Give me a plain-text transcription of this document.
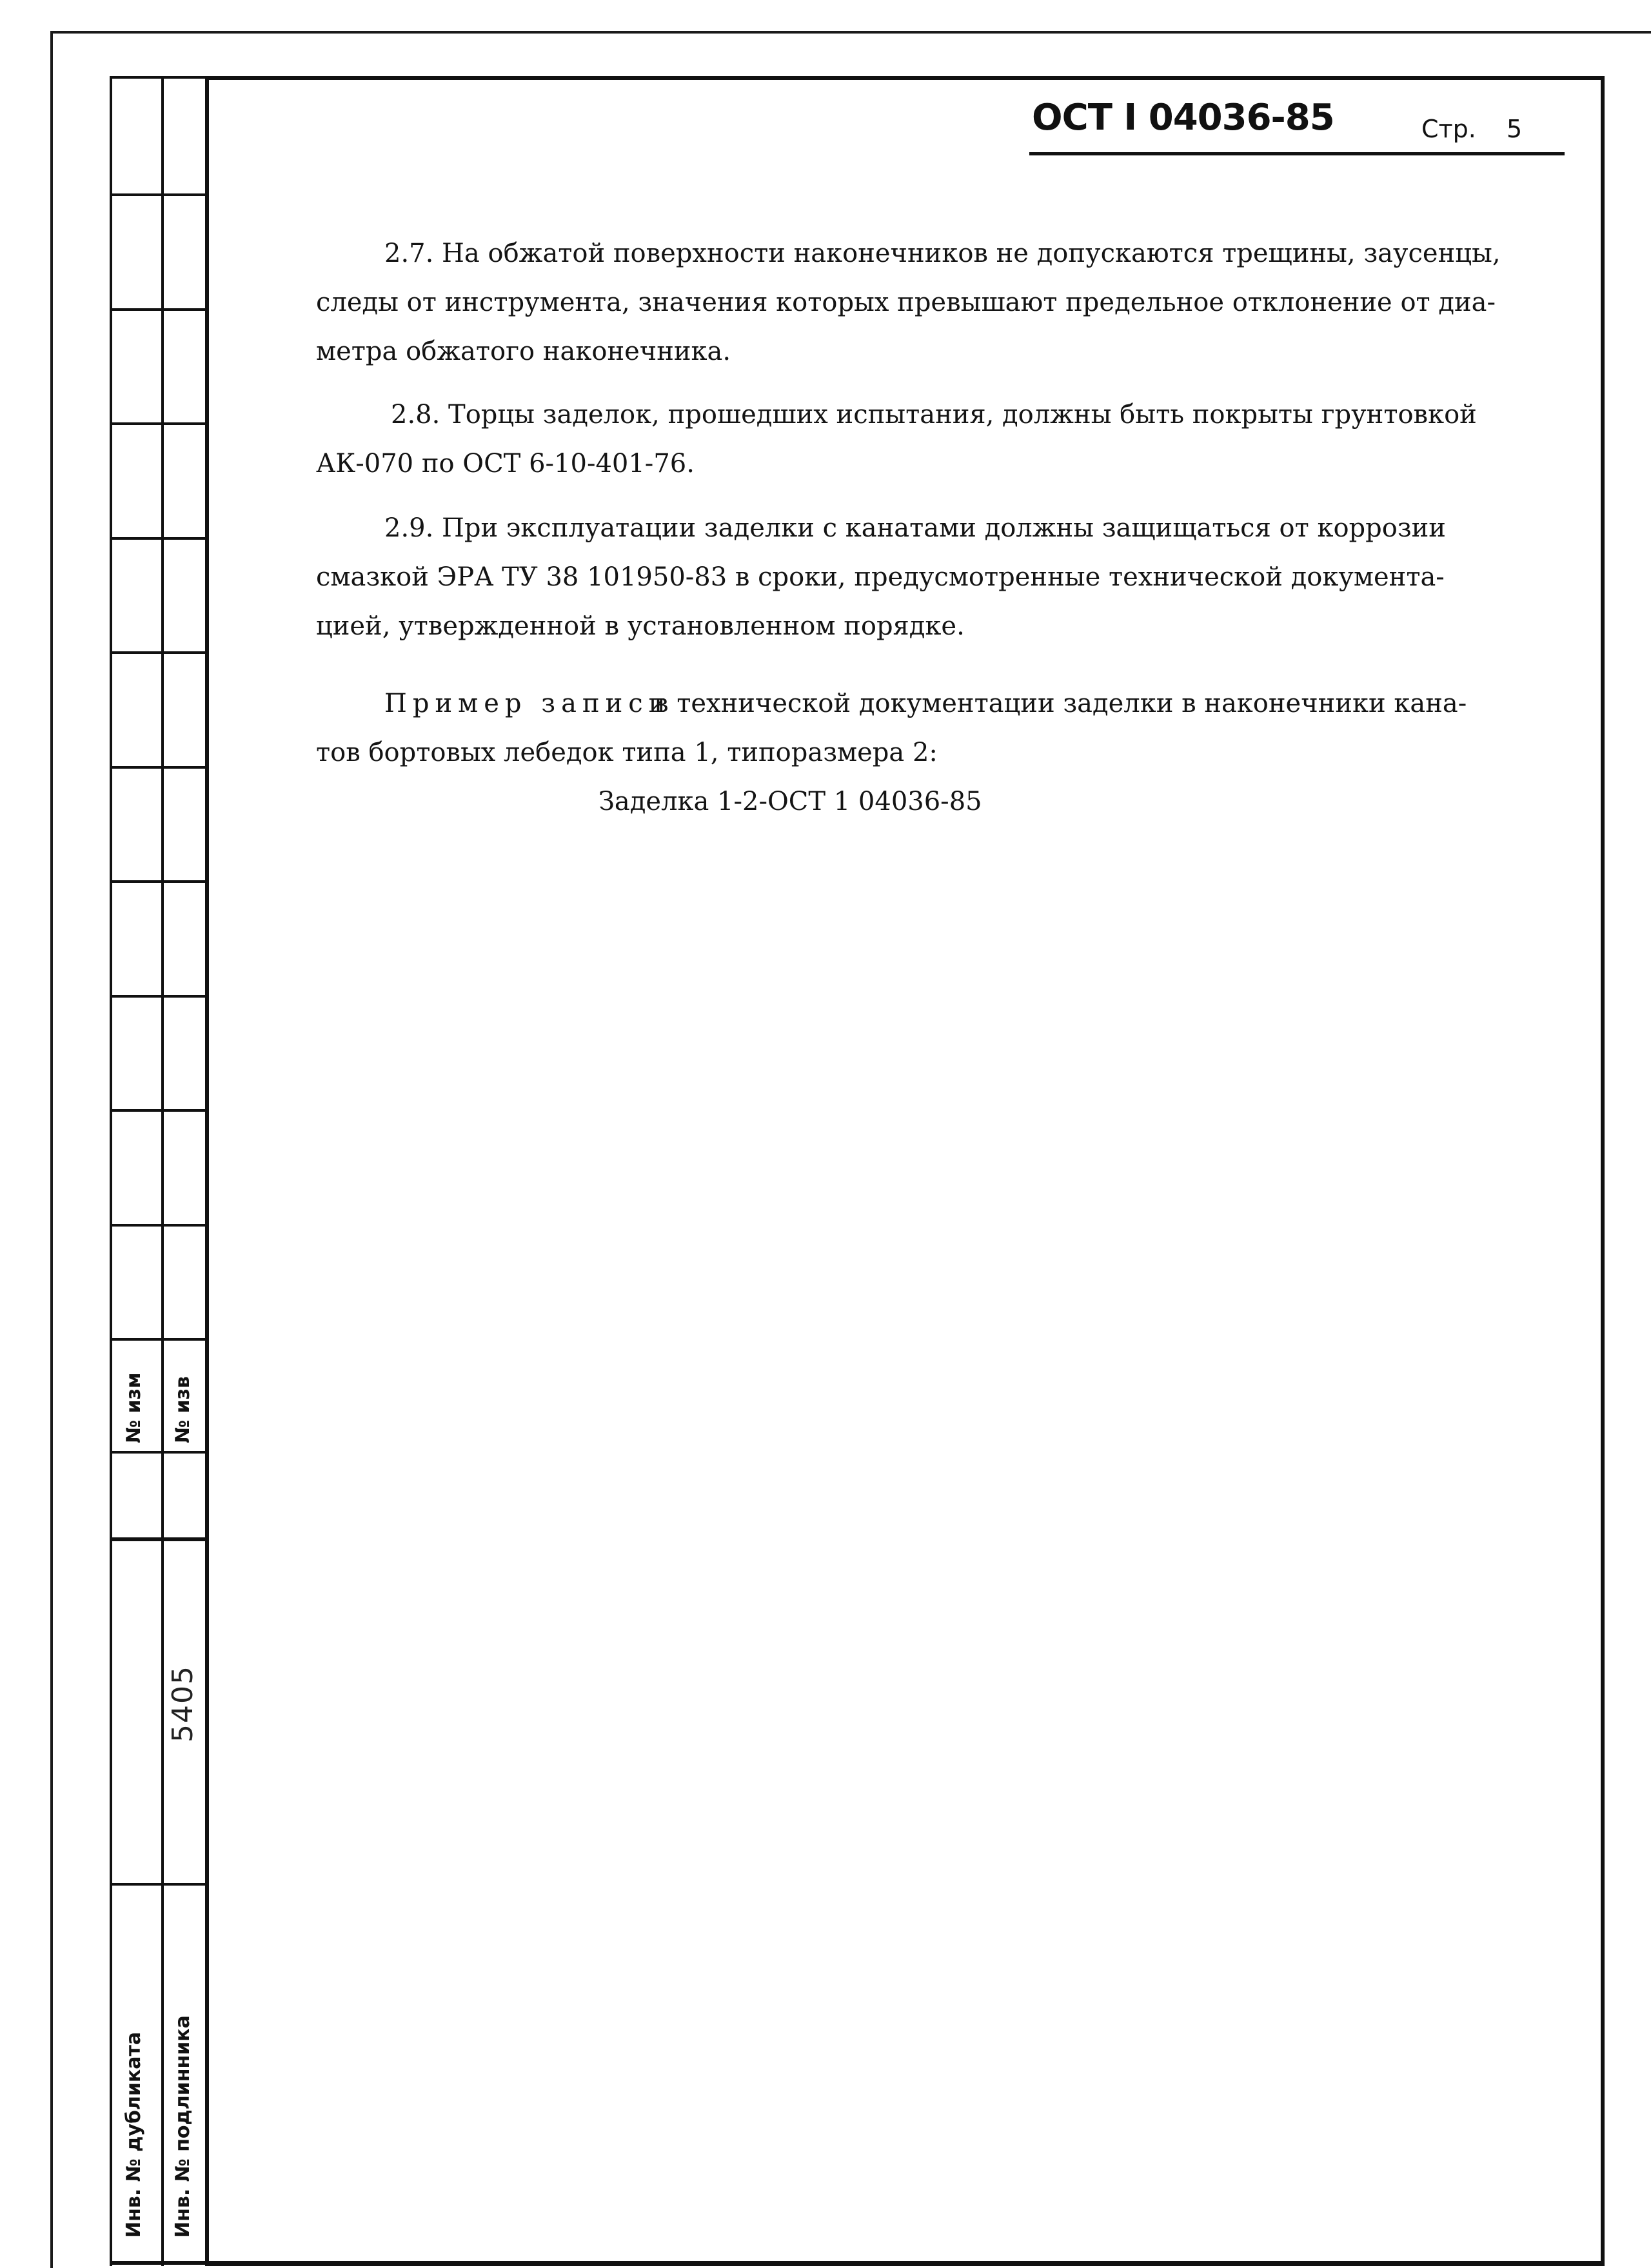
№ изм № изв
5405
Инв. № дубликата Инв. № подлинника
ОСТ I 04036-85	Стр. 5
2.7. На обжатой поверхности наконечников не допускаются трещины, заусенцы,
следы от инструмента, значения которых превышают предельное отклонение от диа-
метра обжатого наконечника.
2.8. Торцы заделок, прошедших испытания, должны быть покрыты грунтовкой
АК-070 по ОСТ 6-10-401-76.
2.9. При эксплуатации заделки с канатами должны защищаться от коррозии
смазкой ЭРА ТУ 38 101950-83 в сроки, предусмотренные технической документа-
цией, утвержденной в установленном порядке.
Пример записи
в технической документации заделки в наконечники кана-
тов бортовых лебедок типа 1, типоразмера 2:
Заделка 1-2-ОСТ 1 04036-85
